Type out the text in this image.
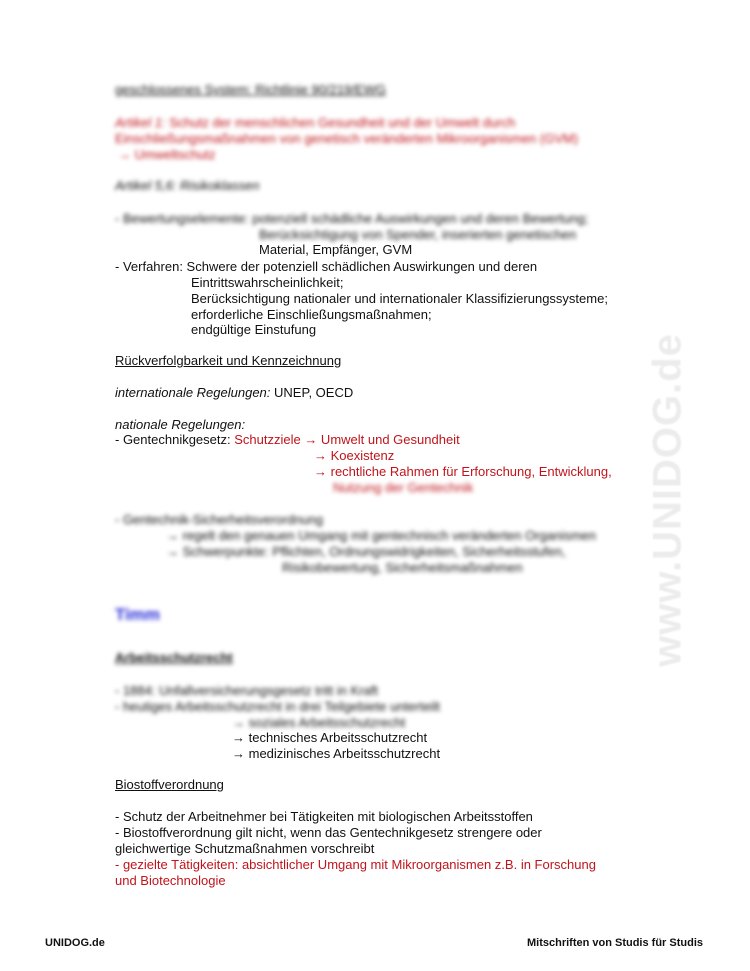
www.UNIDOG.de
geschlossenes System: Richtlinie 90/219/EWG
Artikel 1: Schutz der menschlichen Gesundheit und der Umwelt durch
Einschließungsmaßnahmen von genetisch veränderten Mikroorganismen (GVM)
→ Umweltschutz
Artikel 5,6: Risikoklassen
- Bewertungselemente: potenziell schädliche Auswirkungen und deren Bewertung;
Berücksichtigung von Spender, inserierten genetischen
Material, Empfänger, GVM
- Verfahren: Schwere der potenziell schädlichen Auswirkungen und deren
Eintrittswahrscheinlichkeit;
Berücksichtigung nationaler und internationaler Klassifizierungssysteme;
erforderliche Einschließungsmaßnahmen;
endgültige Einstufung
Rückverfolgbarkeit und Kennzeichnung
internationale Regelungen: UNEP, OECD
nationale Regelungen:
- Gentechnikgesetz: Schutzziele → Umwelt und Gesundheit
→ Koexistenz
→ rechtliche Rahmen für Erforschung, Entwicklung,
Nutzung der Gentechnik
- Gentechnik-Sicherheitsverordnung
→ regelt den genauen Umgang mit gentechnisch veränderten Organismen
→ Schwerpunkte: Pflichten, Ordnungswidrigkeiten, Sicherheitsstufen,
Risikobewertung, Sicherheitsmaßnahmen
Timm
Arbeitsschutzrecht
- 1884: Unfallversicherungsgesetz tritt in Kraft
- heutiges Arbeitsschutzrecht in drei Teilgebiete unterteilt
→ soziales Arbeitsschutzrecht
→ technisches Arbeitsschutzrecht
→ medizinisches Arbeitsschutzrecht
Biostoffverordnung
- Schutz der Arbeitnehmer bei Tätigkeiten mit biologischen Arbeitsstoffen
- Biostoffverordnung gilt nicht, wenn das Gentechnikgesetz strengere oder
gleichwertige Schutzmaßnahmen vorschreibt
- gezielte Tätigkeiten: absichtlicher Umgang mit Mikroorganismen z.B. in Forschung
und Biotechnologie
UNIDOG.de	Mitschriften von Studis für Studis
